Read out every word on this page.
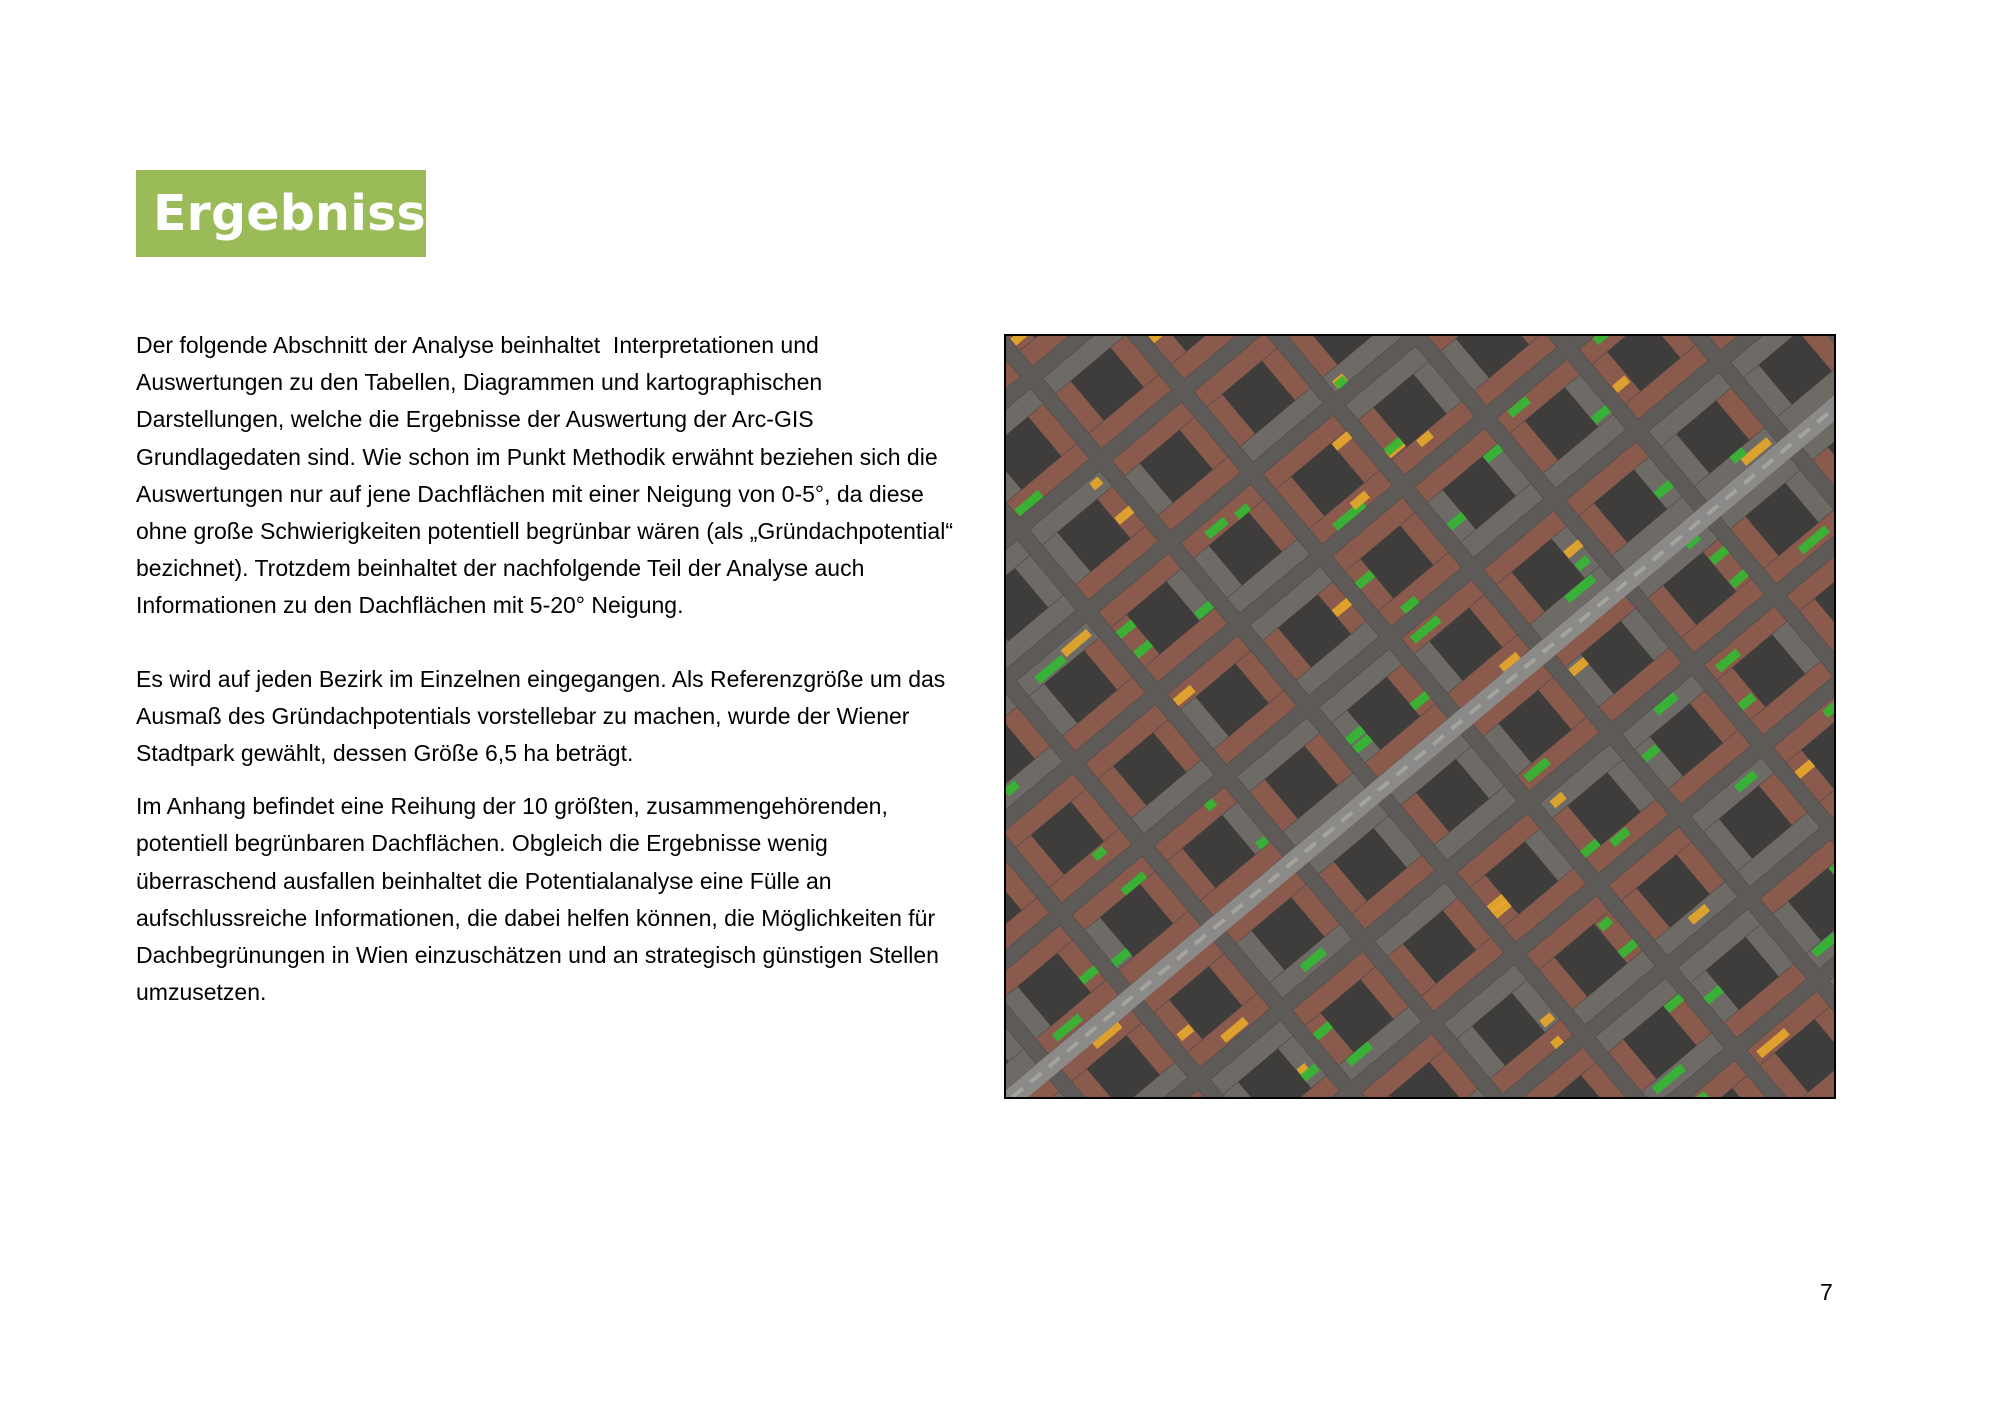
Ergebnisse

Der folgende Abschnitt der Analyse beinhaltet  Interpretationen und Auswertungen zu den Tabellen, Diagrammen und kartographischen Darstellungen, welche die Ergebnisse der Auswertung der Arc-GIS Grundlagedaten sind. Wie schon im Punkt Methodik erwähnt beziehen sich die Auswertungen nur auf jene Dachflächen mit einer Neigung von 0-5°, da diese ohne große Schwierigkeiten potentiell begrünbar wären (als „Gründachpotential“ bezichnet). Trotzdem beinhaltet der nachfolgende Teil der Analyse auch Informationen zu den Dachflächen mit 5-20° Neigung.

Es wird auf jeden Bezirk im Einzelnen eingegangen. Als Referenzgröße um das Ausmaß des Gründachpotentials vorstellebar zu machen, wurde der Wiener Stadtpark gewählt, dessen Größe 6,5 ha beträgt.

Im Anhang befindet eine Reihung der 10 größten, zusammengehörenden, potentiell begrünbaren Dachflächen. Obgleich die Ergebnisse wenig überraschend ausfallen beinhaltet die Potentialanalyse eine Fülle an aufschlussreiche Informationen, die dabei helfen können, die Möglichkeiten für Dachbegrünungen in Wien einzuschätzen und an strategisch günstigen Stellen umzusetzen.

7
